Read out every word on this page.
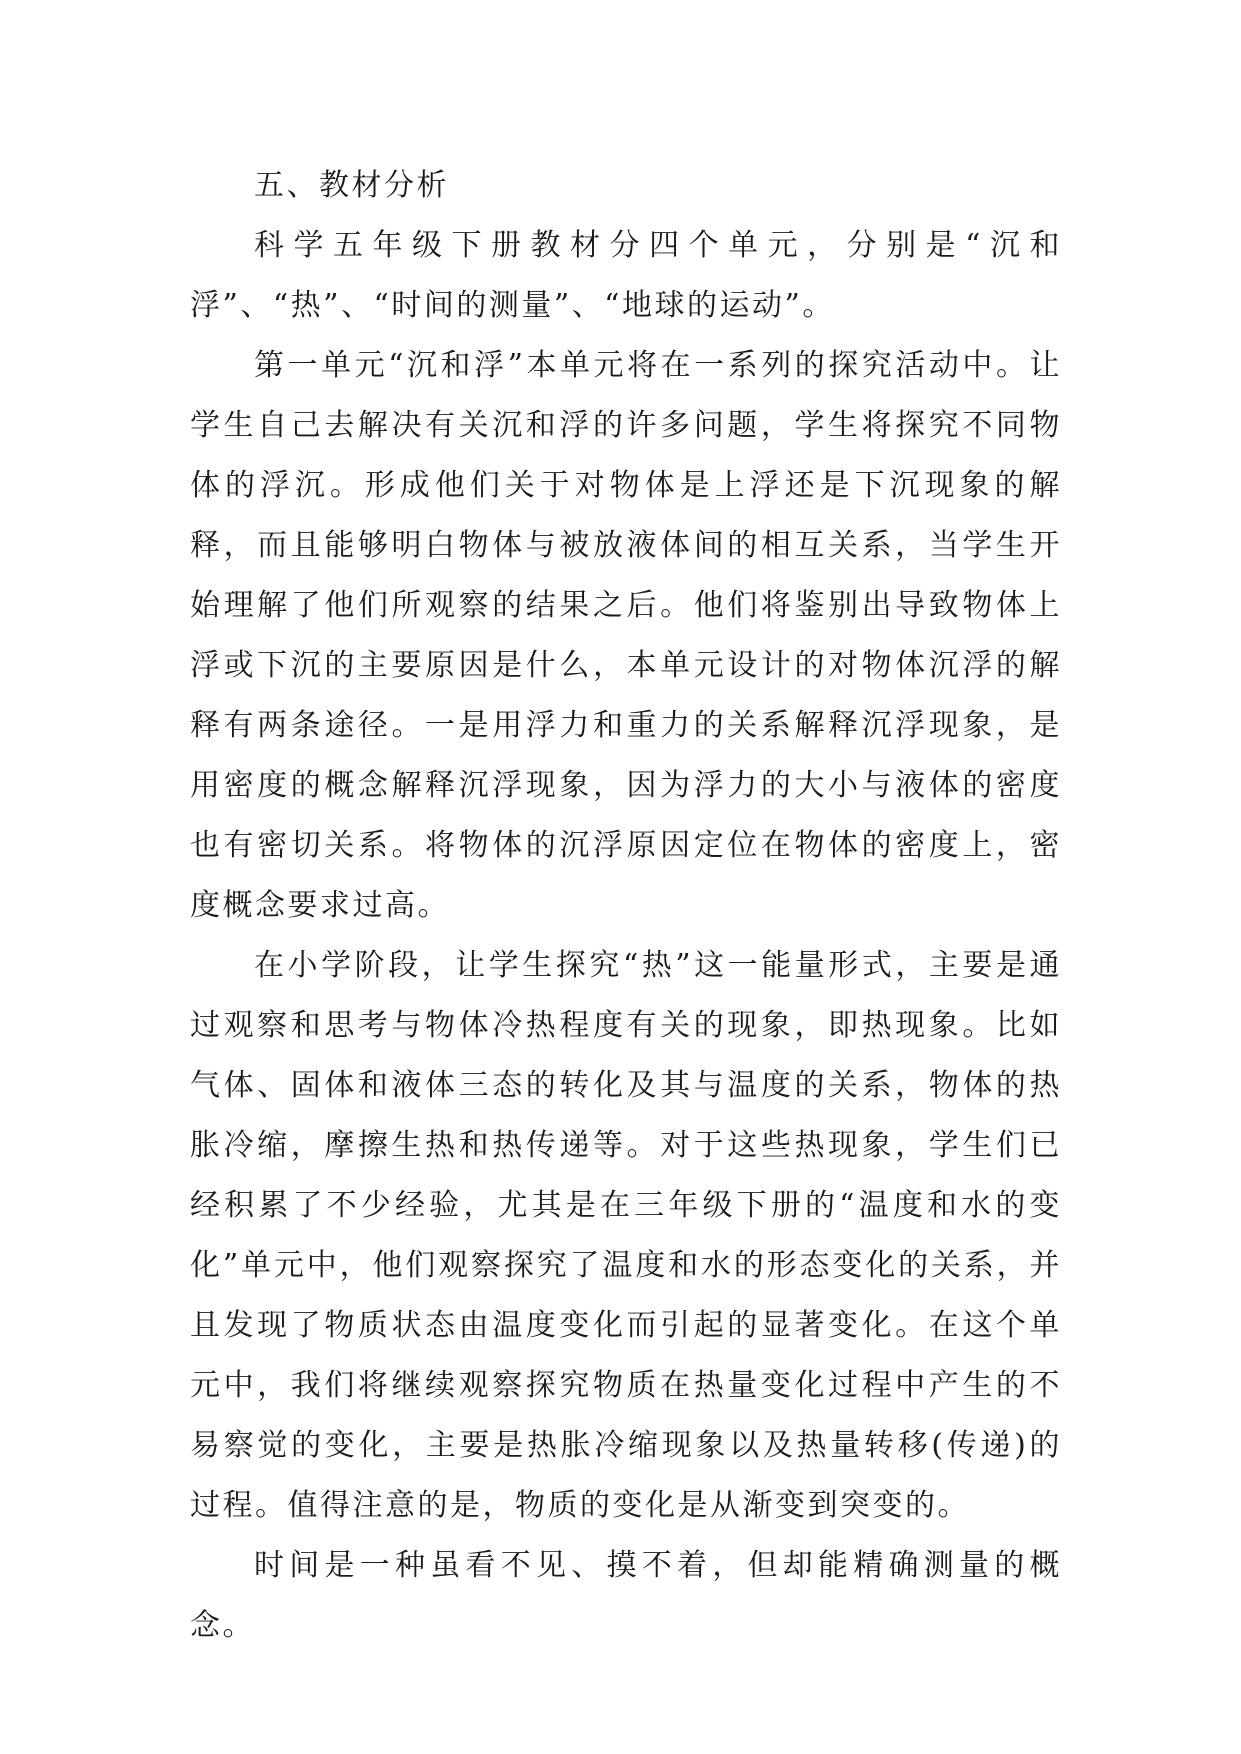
五、教材分析

科学五年级下册教材分四个单元，分别是“沉和浮”、“热”、“时间的测量”、“地球的运动”。

第一单元“沉和浮”本单元将在一系列的探究活动中。让学生自己去解决有关沉和浮的许多问题，学生将探究不同物体的浮沉。形成他们关于对物体是上浮还是下沉现象的解释，而且能够明白物体与被放液体间的相互关系，当学生开始理解了他们所观察的结果之后。他们将鉴别出导致物体上浮或下沉的主要原因是什么，本单元设计的对物体沉浮的解释有两条途径。一是用浮力和重力的关系解释沉浮现象，是用密度的概念解释沉浮现象，因为浮力的大小与液体的密度也有密切关系。将物体的沉浮原因定位在物体的密度上，密度概念要求过高。

在小学阶段，让学生探究“热”这一能量形式，主要是通过观察和思考与物体冷热程度有关的现象，即热现象。比如气体、固体和液体三态的转化及其与温度的关系，物体的热胀冷缩，摩擦生热和热传递等。对于这些热现象，学生们已经积累了不少经验，尤其是在三年级下册的“温度和水的变化”单元中，他们观察探究了温度和水的形态变化的关系，并且发现了物质状态由温度变化而引起的显著变化。在这个单元中，我们将继续观察探究物质在热量变化过程中产生的不易察觉的变化，主要是热胀冷缩现象以及热量转移(传递)的过程。值得注意的是，物质的变化是从渐变到突变的。

时间是一种虽看不见、摸不着，但却能精确测量的概念。
